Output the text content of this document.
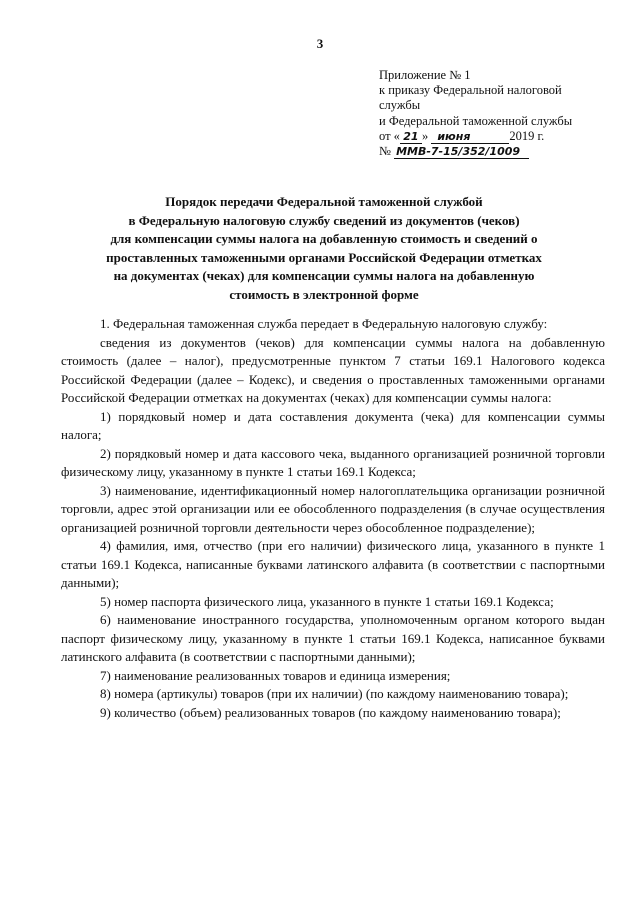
3
Приложение № 1
к приказу Федеральной налоговой
службы
и Федеральной таможенной службы
от « 21 » июня	2019 г.
№ ММВ-7-15/352/1009
Порядок передачи Федеральной таможенной службой
в Федеральную налоговую службу сведений из документов (чеков)
для компенсации суммы налога на добавленную стоимость и сведений о
проставленных таможенными органами Российской Федерации отметках
на документах (чеках) для компенсации суммы налога на добавленную
стоимость в электронной форме

1. Федеральная таможенная служба передает в Федеральную налоговую службу:

сведения из документов (чеков) для компенсации суммы налога на добавленную стоимость (далее – налог), предусмотренные пунктом 7 статьи 169.1 Налогового кодекса Российской Федерации (далее – Кодекс), и сведения о проставленных таможенными органами Российской Федерации отметках на документах (чеках) для компенсации суммы налога:

1) порядковый номер и дата составления документа (чека) для компенсации суммы налога;

2) порядковый номер и дата кассового чека, выданного организацией розничной торговли физическому лицу, указанному в пункте 1 статьи 169.1 Кодекса;

3) наименование, идентификационный номер налогоплательщика организации розничной торговли, адрес этой организации или ее обособленного подразделения (в случае осуществления организацией розничной торговли деятельности через обособленное подразделение);

4) фамилия, имя, отчество (при его наличии) физического лица, указанного в пункте 1 статьи 169.1 Кодекса, написанные буквами латинского алфавита (в соответствии с паспортными данными);

5) номер паспорта физического лица, указанного в пункте 1 статьи 169.1 Кодекса;

6) наименование иностранного государства, уполномоченным органом которого выдан паспорт физическому лицу, указанному в пункте 1 статьи 169.1 Кодекса, написанное буквами латинского алфавита (в соответствии с паспортными данными);

7) наименование реализованных товаров и единица измерения;

8) номера (артикулы) товаров (при их наличии) (по каждому наименованию товара);

9) количество (объем) реализованных товаров (по каждому наименованию товара);
